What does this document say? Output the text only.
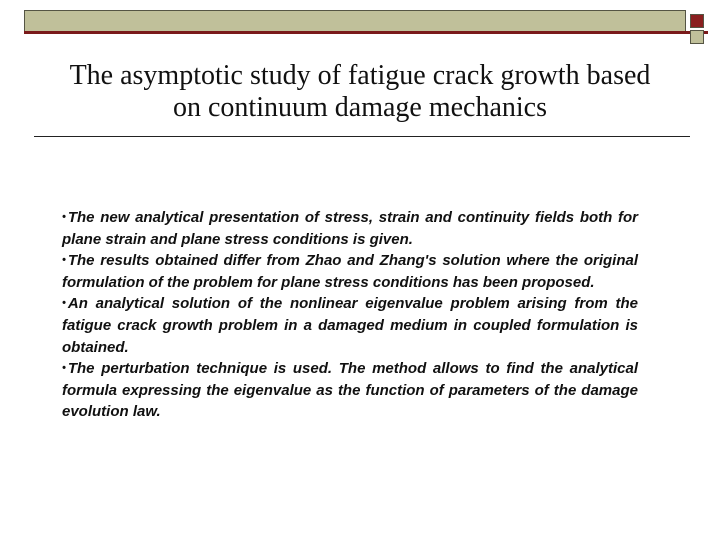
The asymptotic study of fatigue crack growth based
on continuum damage mechanics
• The new analytical presentation of stress, strain and continuity fields both for plane strain and plane stress conditions is given.
• The results obtained differ from Zhao and Zhang's solution where the original formulation of the problem for plane stress conditions has been proposed.
• An analytical solution of the nonlinear eigenvalue problem arising from the fatigue crack growth problem in a damaged medium in coupled formulation is obtained.
• The perturbation technique is used. The method allows to find the analytical formula expressing the eigenvalue as the function of parameters of the damage evolution law.
